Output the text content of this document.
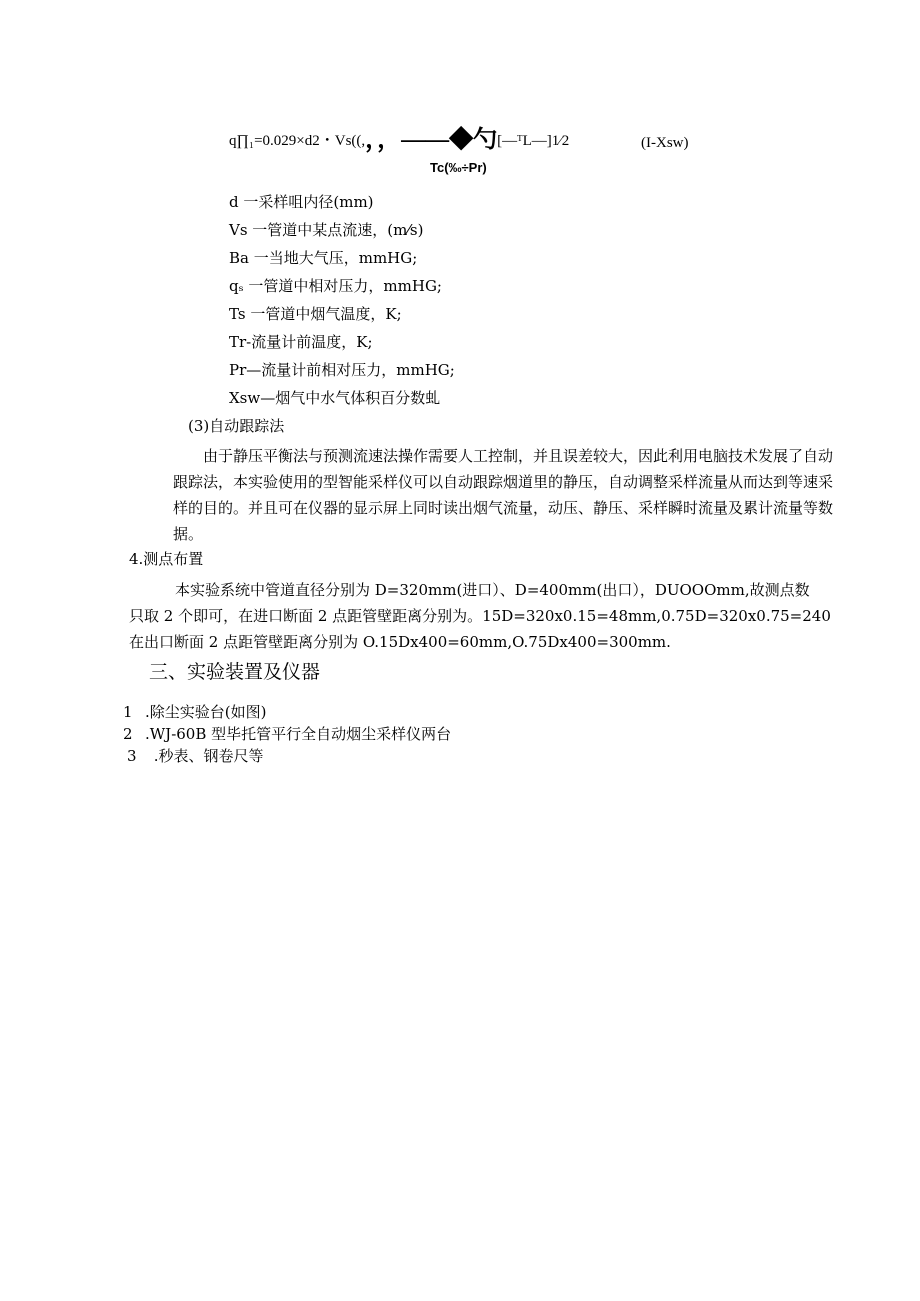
q∏₁=0.029×d2・Vs((,，，——◆勺[—ᵀL—]1⁄2	(I-Xsw)
Tc(‰÷Pr)
d 一采样咀内径(mm)
Vs 一管道中某点流速，(m⁄s)
Ba 一当地大气压，mmHG;
qₛ 一管道中相对压力，mmHG;
Ts 一管道中烟气温度，K;
Tr-流量计前温度，K;
Pr—流量计前相对压力，mmHG;
Xsw—烟气中水气体积百分数虬
(3)自动跟踪法

由于静压平衡法与预测流速法操作需要人工控制，并且误差较大，因此利用电脑技术发展了自动跟踪法，本实验使用的型智能采样仪可以自动跟踪烟道里的静压，自动调整采样流量从而达到等速采样的目的。并且可在仪器的显示屏上同时读出烟气流量，动压、静压、采样瞬时流量及累计流量等数据。

4.测点布置
本实验系统中管道直径分别为 D=320mm(进口）、D=400mm(出口），DUOOOmm,故测点数
只取 2 个即可，在进口断面 2 点距管壁距离分别为。15D=320x0.15=48mm,0.75D=320x0.75=240
在出口断面 2 点距管壁距离分别为 O.15Dx400=60mm,O.75Dx400=300mm.
三、实验装置及仪器
1 .除尘实验台(如图)
2 .WJ-60B 型毕托管平行全自动烟尘采样仪两台
3 .秒表、钢卷尺等
